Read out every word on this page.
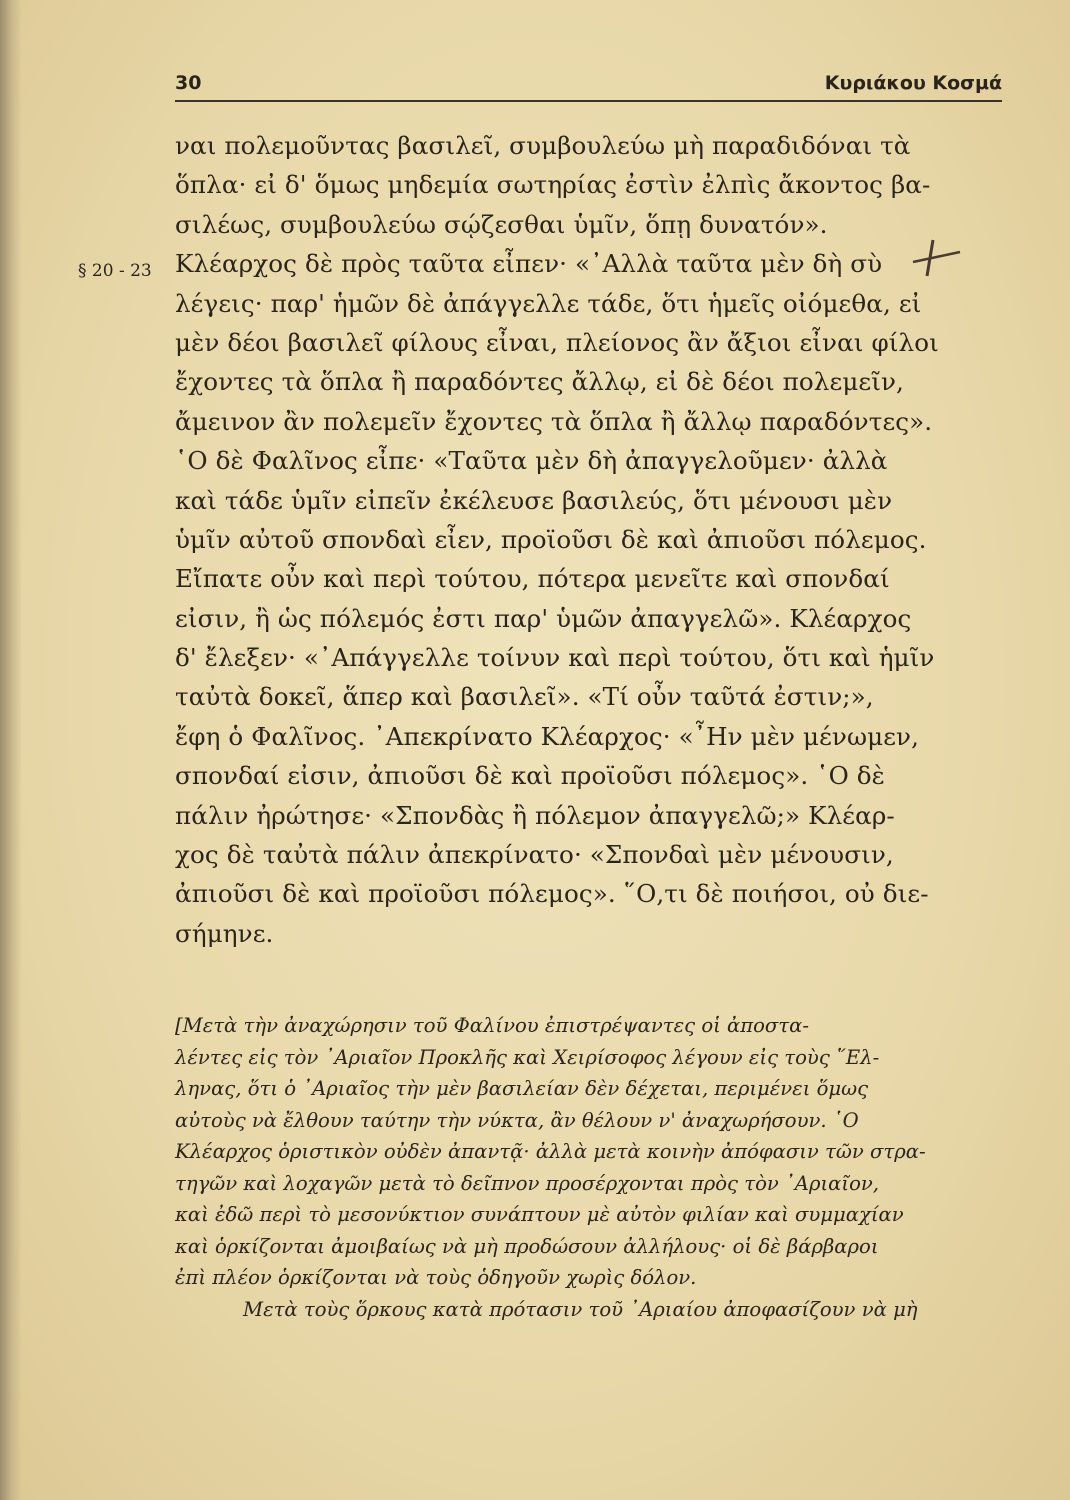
30	Κυριάκου Κοσμά
§ 20 - 23
ναι πολεμοῦντας βασιλεῖ, συμβουλεύω μὴ παραδιδόναι τὰ
ὅπλα· εἰ δ' ὅμως μηδεμία σωτηρίας ἐστὶν ἐλπὶς ἄκοντος βα-
σιλέως, συμβουλεύω σῴζεσθαι ὑμῖν, ὅπῃ δυνατόν».
Κλέαρχος δὲ πρὸς ταῦτα εἶπεν· «᾿Αλλὰ ταῦτα μὲν δὴ σὺ
λέγεις· παρ' ἡμῶν δὲ ἀπάγγελλε τάδε, ὅτι ἡμεῖς οἰόμεθα, εἰ
μὲν δέοι βασιλεῖ φίλους εἶναι, πλείονος ἂν ἄξιοι εἶναι φίλοι
ἔχοντες τὰ ὅπλα ἢ παραδόντες ἄλλῳ, εἰ δὲ δέοι πολεμεῖν,
ἄμεινον ἂν πολεμεῖν ἔχοντες τὰ ὅπλα ἢ ἄλλῳ παραδόντες».
῾Ο δὲ Φαλῖνος εἶπε· «Ταῦτα μὲν δὴ ἀπαγγελοῦμεν· ἀλλὰ
καὶ τάδε ὑμῖν εἰπεῖν ἐκέλευσε βασιλεύς, ὅτι μένουσι μὲν
ὑμῖν αὐτοῦ σπονδαὶ εἶεν, προϊοῦσι δὲ καὶ ἀπιοῦσι πόλεμος.
Εἴπατε οὖν καὶ περὶ τούτου, πότερα μενεῖτε καὶ σπονδαί
εἰσιν, ἢ ὡς πόλεμός ἐστι παρ' ὑμῶν ἀπαγγελῶ». Κλέαρχος
δ' ἔλεξεν· «᾿Απάγγελλε τοίνυν καὶ περὶ τούτου, ὅτι καὶ ἡμῖν
ταὐτὰ δοκεῖ, ἅπερ καὶ βασιλεῖ». «Τί οὖν ταῦτά ἐστιν;»,
ἔφη ὁ Φαλῖνος. ᾿Απεκρίνατο Κλέαρχος· «῏Ην μὲν μένωμεν,
σπονδαί εἰσιν, ἀπιοῦσι δὲ καὶ προϊοῦσι πόλεμος». ῾Ο δὲ
πάλιν ἠρώτησε· «Σπονδὰς ἢ πόλεμον ἀπαγγελῶ;» Κλέαρ-
χος δὲ ταὐτὰ πάλιν ἀπεκρίνατο· «Σπονδαὶ μὲν μένουσιν,
ἀπιοῦσι δὲ καὶ προϊοῦσι πόλεμος». ῞Ο,τι δὲ ποιήσοι, οὐ διε-
σήμηνε.
[Μετὰ τὴν ἀναχώρησιν τοῦ Φαλίνου ἐπιστρέψαντες οἱ ἀποστα-
λέντες εἰς τὸν ᾿Αριαῖον Προκλῆς καὶ Χειρίσοφος λέγουν εἰς τοὺς ῞Ελ-
ληνας, ὅτι ὁ ᾿Αριαῖος τὴν μὲν βασιλείαν δὲν δέχεται, περιμένει ὅμως
αὐτοὺς νὰ ἔλθουν ταύτην τὴν νύκτα, ἂν θέλουν ν' ἀναχωρήσουν. ῾Ο
Κλέαρχος ὁριστικὸν οὐδὲν ἀπαντᾷ· ἀλλὰ μετὰ κοινὴν ἀπόφασιν τῶν στρα-
τηγῶν καὶ λοχαγῶν μετὰ τὸ δεῖπνον προσέρχονται πρὸς τὸν ᾿Αριαῖον,
καὶ ἐδῶ περὶ τὸ μεσονύκτιον συνάπτουν μὲ αὐτὸν φιλίαν καὶ συμμαχίαν
καὶ ὁρκίζονται ἀμοιβαίως νὰ μὴ προδώσουν ἀλλήλους· οἱ δὲ βάρβαροι
ἐπὶ πλέον ὁρκίζονται νὰ τοὺς ὁδηγοῦν χωρὶς δόλον.
Μετὰ τοὺς ὅρκους κατὰ πρότασιν τοῦ ᾿Αριαίου ἀποφασίζουν νὰ μὴ
